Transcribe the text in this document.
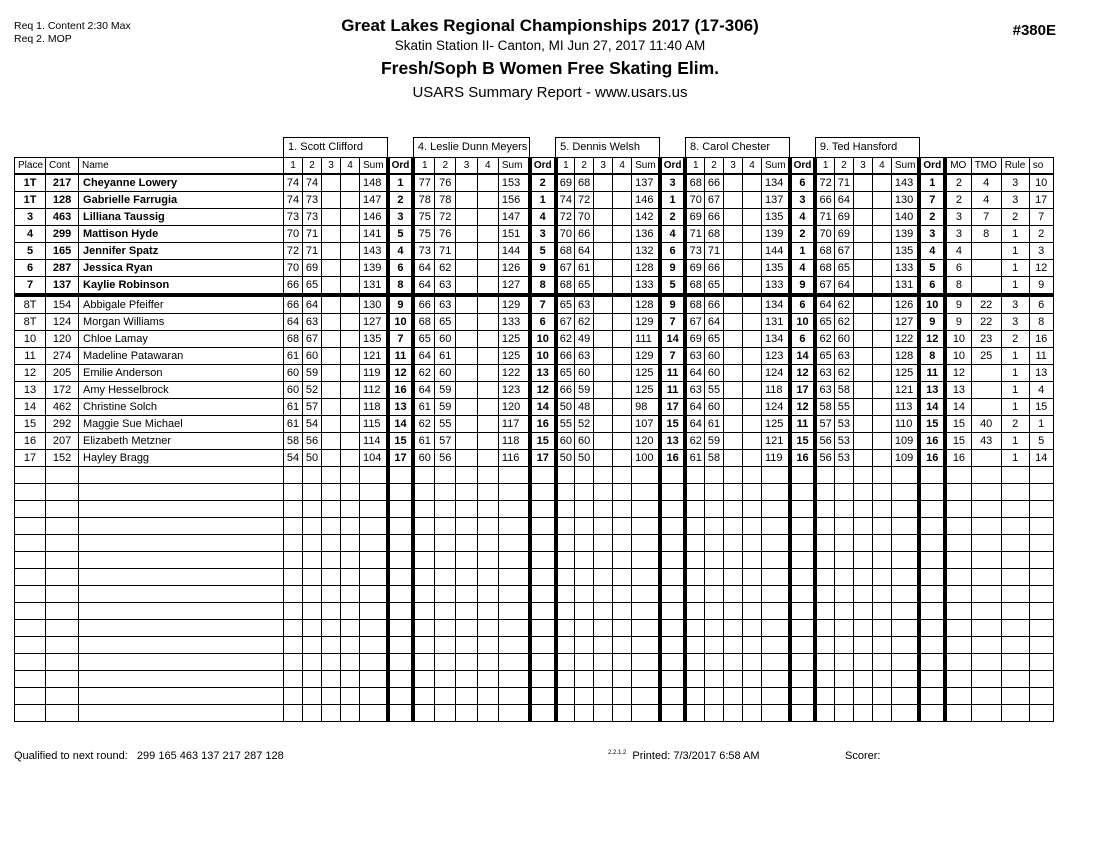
Req 1. Content 2:30 Max
Req 2. MOP
Great Lakes Regional Championships 2017 (17-306)
Skatin Station II- Canton, MI Jun 27, 2017 11:40 AM
Fresh/Soph B Women Free Skating Elim.
USARS Summary Report - www.usars.us
#380E
			1. Scott Clifford						4. Leslie Dunn Meyers						5. Dennis Welsh						8. Carol Chester						9. Ted Hansford									
Place	Cont	Name	1	2	3	4	Sum	Ord	1	2	3	4	Sum	Ord	1	2	3	4	Sum	Ord	1	2	3	4	Sum	Ord	1	2	3	4	Sum	Ord	MO	TMO	Rule	so
1T	217	Cheyanne Lowery	74	74			148	1	77	76			153	2	69	68			137	3	68	66			134	6	72	71			143	1	2	4	3	10
1T	128	Gabrielle Farrugia	74	73			147	2	78	78			156	1	74	72			146	1	70	67			137	3	66	64			130	7	2	4	3	17
3	463	Lilliana Taussig	73	73			146	3	75	72			147	4	72	70			142	2	69	66			135	4	71	69			140	2	3	7	2	7
4	299	Mattison Hyde	70	71			141	5	75	76			151	3	70	66			136	4	71	68			139	2	70	69			139	3	3	8	1	2
5	165	Jennifer Spatz	72	71			143	4	73	71			144	5	68	64			132	6	73	71			144	1	68	67			135	4	4		1	3
6	287	Jessica Ryan	70	69			139	6	64	62			126	9	67	61			128	9	69	66			135	4	68	65			133	5	6		1	12
7	137	Kaylie Robinson	66	65			131	8	64	63			127	8	68	65			133	5	68	65			133	9	67	64			131	6	8		1	9
8T	154	Abbigale Pfeiffer	66	64			130	9	66	63			129	7	65	63			128	9	68	66			134	6	64	62			126	10	9	22	3	6
8T	124	Morgan Williams	64	63			127	10	68	65			133	6	67	62			129	7	67	64			131	10	65	62			127	9	9	22	3	8
10	120	Chloe Lamay	68	67			135	7	65	60			125	10	62	49			111	14	69	65			134	6	62	60			122	12	10	23	2	16
11	274	Madeline Patawaran	61	60			121	11	64	61			125	10	66	63			129	7	63	60			123	14	65	63			128	8	10	25	1	11
12	205	Emilie Anderson	60	59			119	12	62	60			122	13	65	60			125	11	64	60			124	12	63	62			125	11	12		1	13
13	172	Amy Hesselbrock	60	52			112	16	64	59			123	12	66	59			125	11	63	55			118	17	63	58			121	13	13		1	4
14	462	Christine Solch	61	57			118	13	61	59			120	14	50	48			98	17	64	60			124	12	58	55			113	14	14		1	15
15	292	Maggie Sue Michael	61	54			115	14	62	55			117	16	55	52			107	15	64	61			125	11	57	53			110	15	15	40	2	1
16	207	Elizabeth Metzner	58	56			114	15	61	57			118	15	60	60			120	13	62	59			121	15	56	53			109	16	15	43	1	5
17	152	Hayley Bragg	54	50			104	17	60	56			116	17	50	50			100	16	61	58			119	16	56	53			109	16	16		1	14

Qualified to next round: 299 165 463 137 217 287 128	$^{2.2.1.2}$ Printed: 7/3/2017 6:58 AM	Scorer:
